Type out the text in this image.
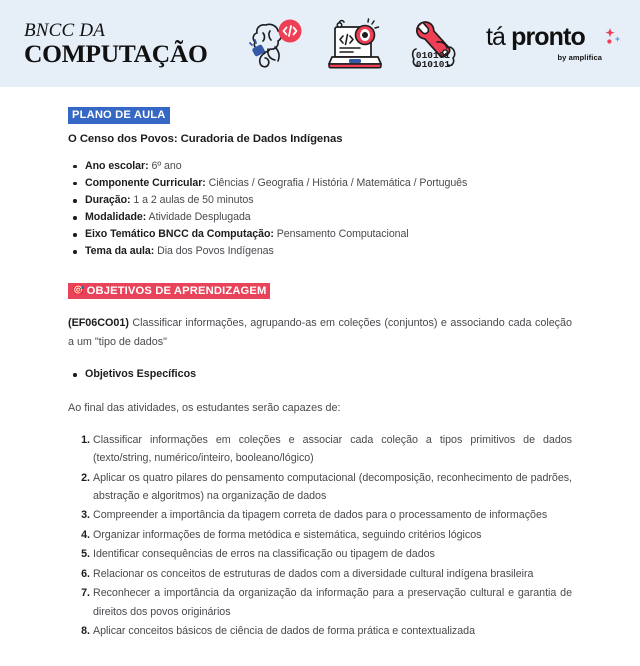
BNCC DA
COMPUTAÇÃO	010101
010101
tá pronto
by amplifica
PLANO DE AULA

O Censo dos Povos: Curadoria de Dados Indígenas

Ano escolar: 6º ano
Componente Curricular: Ciências / Geografia / História / Matemática / Português
Duração: 1 a 2 aulas de 50 minutos
Modalidade: Atividade Desplugada
Eixo Temático BNCC da Computação: Pensamento Computacional
Tema da aula: Dia dos Povos Indígenas
🎯 OBJETIVOS DE APRENDIZAGEM

(EF06CO01) Classificar informações, agrupando-as em coleções (conjuntos) e associando cada coleção a um "tipo de dados"

Objetivos Específicos

Ao final das atividades, os estudantes serão capazes de:

Classificar informações em coleções e associar cada coleção a tipos primitivos de dados (texto/string, numérico/inteiro, booleano/lógico)
Aplicar os quatro pilares do pensamento computacional (decomposição, reconhecimento de padrões, abstração e algoritmos) na organização de dados
Compreender a importância da tipagem correta de dados para o processamento de informações
Organizar informações de forma metódica e sistemática, seguindo critérios lógicos
Identificar consequências de erros na classificação ou tipagem de dados
Relacionar os conceitos de estruturas de dados com a diversidade cultural indígena brasileira
Reconhecer a importância da organização da informação para a preservação cultural e garantia de direitos dos povos originários
Aplicar conceitos básicos de ciência de dados de forma prática e contextualizada
